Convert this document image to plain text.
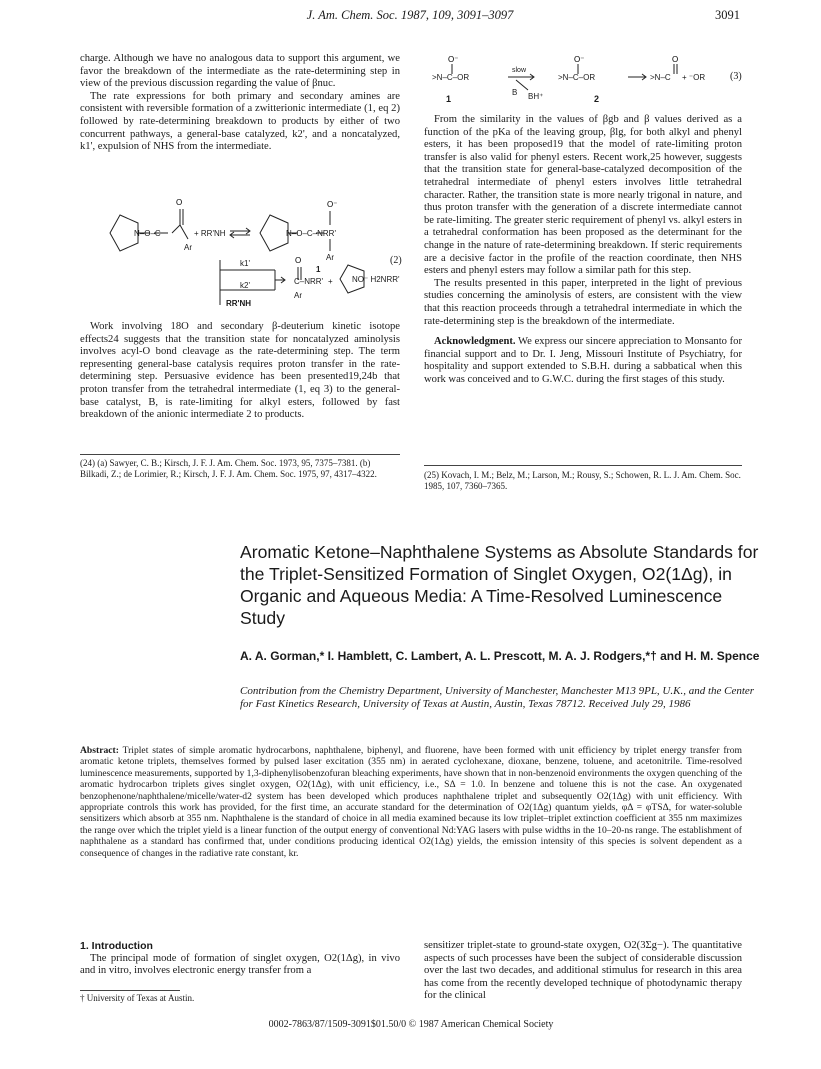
J. Am. Chem. Soc. 1987, 109, 3091–3097	3091

charge. Although we have no analogous data to support this argument, we favor the breakdown of the intermediate as the rate-determining step in view of the previous discussion regarding the value of βnuc.

The rate expressions for both primary and secondary amines are consistent with reversible formation of a zwitterionic intermediate (1, eq 2) followed by rate-determining breakdown to products by either of two concurrent pathways, a general-base catalyzed, k2', and a noncatalyzed, k1', expulsion of NHS from the intermediate.

O	O⁻
O
N–O–C
Ar
+ RR'NH	N–O–C–NRR'
Ar
1
(2)
k1'
k2'
RR'NH
C–NRR'
Ar
+ NO⁻ H2NRR'

Work involving 18O and secondary β-deuterium kinetic isotope effects24 suggests that the transition state for noncatalyzed aminolysis involves acyl-O bond cleavage as the rate-determining step. The term representing general-base catalysis requires proton transfer in the rate-determining step. Persuasive evidence has been presented19,24b that proton transfer from the tetrahedral intermediate (1, eq 3) to the general-base catalyst, B, is rate-limiting for alkyl esters, followed by fast breakdown of the anionic intermediate 2 to products.

(24) (a) Sawyer, C. B.; Kirsch, J. F. J. Am. Chem. Soc. 1973, 95, 7375–7381. (b) Bilkadi, Z.; de Lorimier, R.; Kirsch, J. F. J. Am. Chem. Soc. 1975, 97, 4317–4322.
O⁻	O⁻	O
>N–C–OR
slow
B BH⁺
>N–C–OR	>N–C + ⁻OR (3)
1	2

From the similarity in the values of βgb and β values derived as a function of the pKa of the leaving group, βlg, for both alkyl and phenyl esters, it has been proposed19 that the model of rate-limiting proton transfer is also valid for phenyl esters. Recent work,25 however, suggests that the transition state for general-base-catalyzed decomposition of the tetrahedral intermediate of phenyl esters involves little tetrahedral character. Rather, the transition state is more nearly trigonal in nature, and thus proton transfer with the generation of a discrete intermediate cannot be rate-limiting. The greater steric requirement of phenyl vs. alkyl esters in a tetrahedral conformation has been proposed as the determinant for the change in the nature of rate-determining breakdown. If steric requirements are a decisive factor in the profile of the reaction coordinate, then NHS esters and phenyl esters may follow a similar path for this step.

The results presented in this paper, interpreted in the light of previous studies concerning the aminolysis of esters, are consistent with the view that this reaction proceeds through a tetrahedral intermediate in which the rate-determining step is the breakdown of the intermediate.

Acknowledgment. We express our sincere appreciation to Monsanto for financial support and to Dr. I. Jeng, Missouri Institute of Psychiatry, for hospitality and support extended to S.B.H. during a sabbatical when this work was conceived and to G.W.C. during the first stages of this study.

(25) Kovach, I. M.; Belz, M.; Larson, M.; Rousy, S.; Schowen, R. L. J. Am. Chem. Soc. 1985, 107, 7360–7365.
Aromatic Ketone–Naphthalene Systems as Absolute Standards for the Triplet-Sensitized Formation of Singlet Oxygen, O2(1Δg), in Organic and Aqueous Media: A Time-Resolved Luminescence Study
A. A. Gorman,* I. Hamblett, C. Lambert, A. L. Prescott, M. A. J. Rodgers,*† and H. M. Spence
Contribution from the Chemistry Department, University of Manchester, Manchester M13 9PL, U.K., and the Center for Fast Kinetics Research, University of Texas at Austin, Austin, Texas 78712. Received July 29, 1986
Abstract: Triplet states of simple aromatic hydrocarbons, naphthalene, biphenyl, and fluorene, have been formed with unit efficiency by triplet energy transfer from aromatic ketone triplets, themselves formed by pulsed laser excitation (355 nm) in aerated cyclohexane, dioxane, benzene, toluene, and acetonitrile. Time-resolved luminescence measurements, supported by 1,3-diphenylisobenzofuran bleaching experiments, have shown that in non-benzenoid environments the oxygen quenching of the aromatic hydrocarbon triplets gives singlet oxygen, O2(1Δg), with unit efficiency, i.e., SΔ = 1.0. In benzene and toluene this is not the case. An oxygenated benzophenone/naphthalene/micelle/water-d2 system has been developed which produces naphthalene triplet and subsequently O2(1Δg) with unit efficiency. With appropriate controls this work has provided, for the first time, an accurate standard for the determination of O2(1Δg) quantum yields, φΔ = φTSΔ, for water-soluble sensitizers which absorb at 355 nm. Naphthalene is the standard of choice in all media examined because its low triplet–triplet extinction coefficient at 355 nm maximizes the range over which the triplet yield is a linear function of the output energy of conventional Nd:YAG lasers with pulse widths in the 10–20-ns range. The establishment of naphthalene as a standard has confirmed that, under conditions producing identical O2(1Δg) yields, the emission intensity of this species is solvent dependent as a consequence of changes in the radiative rate constant, kr.
1. Introduction

The principal mode of formation of singlet oxygen, O2(1Δg), in vivo and in vitro, involves electronic energy transfer from a

† University of Texas at Austin.

sensitizer triplet-state to ground-state oxygen, O2(3Σg−). The quantitative aspects of such processes have been the subject of considerable discussion over the last two decades, and additional stimulus for research in this area has come from the recently developed technique of photodynamic therapy for the clinical

0002-7863/87/1509-3091$01.50/0 © 1987 American Chemical Society
